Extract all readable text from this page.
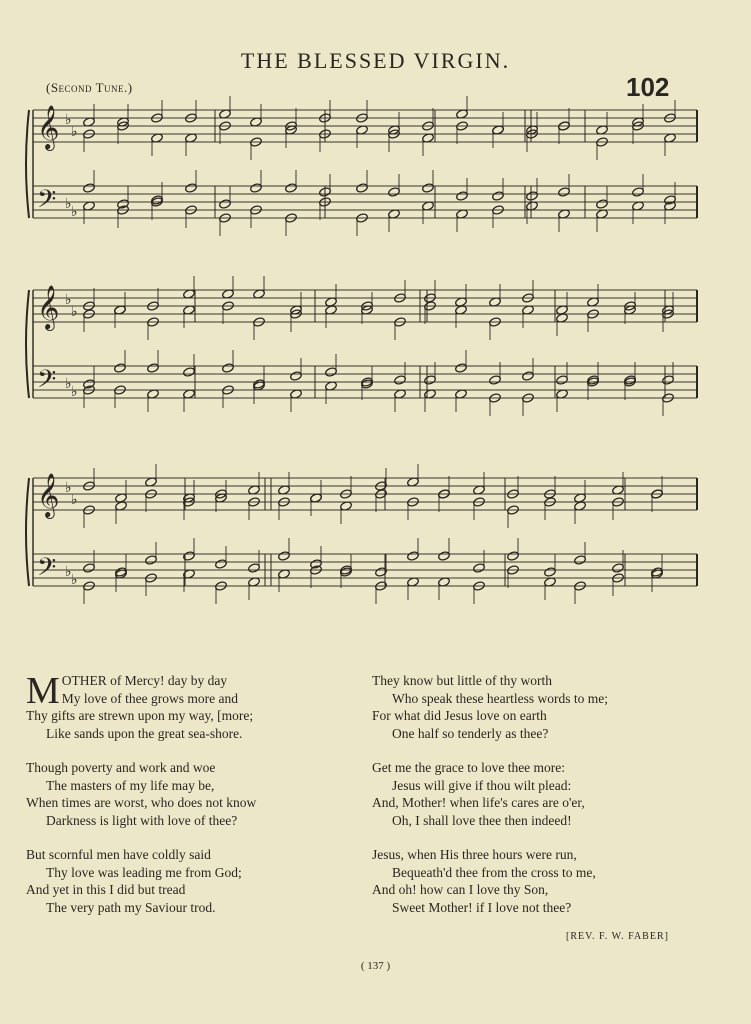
THE BLESSED VIRGIN.
(Second Tune.)	102
𝄞
𝄢
♭
♭
♭
♭
𝄞
𝄢
♭
♭
♭
♭
𝄞
𝄢
♭
♭
♭
♭
M OTHER of Mercy! day by day
My love of thee grows more and
Thy gifts are strewn upon my way, [more;
Like sands upon the great sea-shore.
Though poverty and work and woe
The masters of my life may be,
When times are worst, who does not know
Darkness is light with love of thee?
But scornful men have coldly said
Thy love was leading me from God;
And yet in this I did but tread
The very path my Saviour trod.
They know but little of thy worth
Who speak these heartless words to me;
For what did Jesus love on earth
One half so tenderly as thee?
Get me the grace to love thee more:
Jesus will give if thou wilt plead:
And, Mother! when life's cares are o'er,
Oh, I shall love thee then indeed!
Jesus, when His three hours were run,
Bequeath'd thee from the cross to me,
And oh! how can I love thy Son,
Sweet Mother! if I love not thee?
[REV. F. W. FABER]
( 137 )
